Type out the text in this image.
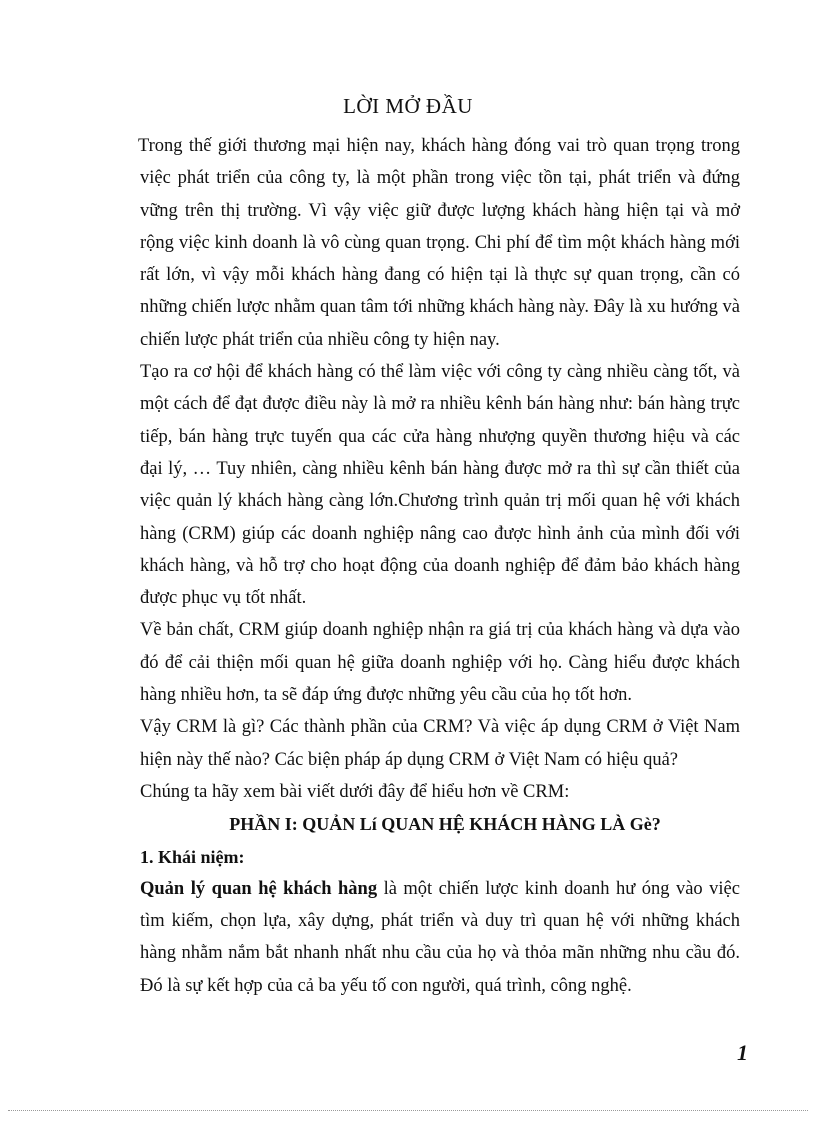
LỜI MỞ ĐẦU

Trong thế giới thương mại hiện nay, khách hàng đóng vai trò quan trọng trong việc phát triển của công ty, là một phần trong việc tồn tại, phát triển và đứng vững trên thị trường. Vì vậy việc giữ được lượng khách hàng hiện tại và mở rộng việc kinh doanh là vô cùng quan trọng. Chi phí để tìm một khách hàng mới rất lớn, vì vậy mỗi khách hàng đang có hiện tại là thực sự quan trọng, cần có những chiến lược nhằm quan tâm tới những khách hàng này. Đây là xu hướng và chiến lược phát triển của nhiều công ty hiện nay.

Tạo ra cơ hội để khách hàng có thể làm việc với công ty càng nhiều càng tốt, và một cách để đạt được điều này là mở ra nhiều kênh bán hàng như: bán hàng trực tiếp, bán hàng trực tuyến qua các cửa hàng nhượng quyền thương hiệu và các đại lý, … Tuy nhiên, càng nhiều kênh bán hàng được mở ra thì sự cần thiết của việc quản lý khách hàng càng lớn.Chương trình quản trị mối quan hệ với khách hàng (CRM) giúp các doanh nghiệp nâng cao được hình ảnh của mình đối với khách hàng, và hỗ trợ cho hoạt động của doanh nghiệp để đảm bảo khách hàng được phục vụ tốt nhất.

Về bản chất, CRM giúp doanh nghiệp nhận ra giá trị của khách hàng và dựa vào đó để cải thiện mối quan hệ giữa doanh nghiệp với họ. Càng hiểu được khách hàng nhiều hơn, ta sẽ đáp ứng được những yêu cầu của họ tốt hơn.

Vậy CRM là gì? Các thành phần của CRM? Và việc áp dụng CRM ở Việt Nam hiện này thế nào? Các biện pháp áp dụng CRM ở Việt Nam có hiệu quả?

Chúng ta hãy xem bài viết dưới đây để hiểu hơn về CRM:

PHẦN I: QUẢN Lí QUAN HỆ KHÁCH HÀNG LÀ Gè?

1. Khái niệm:

Quản lý quan hệ khách hàng là một chiến lược kinh doanh hư óng vào việc tìm kiếm, chọn lựa, xây dựng, phát triển và duy trì quan hệ với những khách hàng nhằm nắm bắt nhanh nhất nhu cầu của họ và thỏa mãn những nhu cầu đó. Đó là sự kết hợp của cả ba yếu tố con người, quá trình, công nghệ.

1
